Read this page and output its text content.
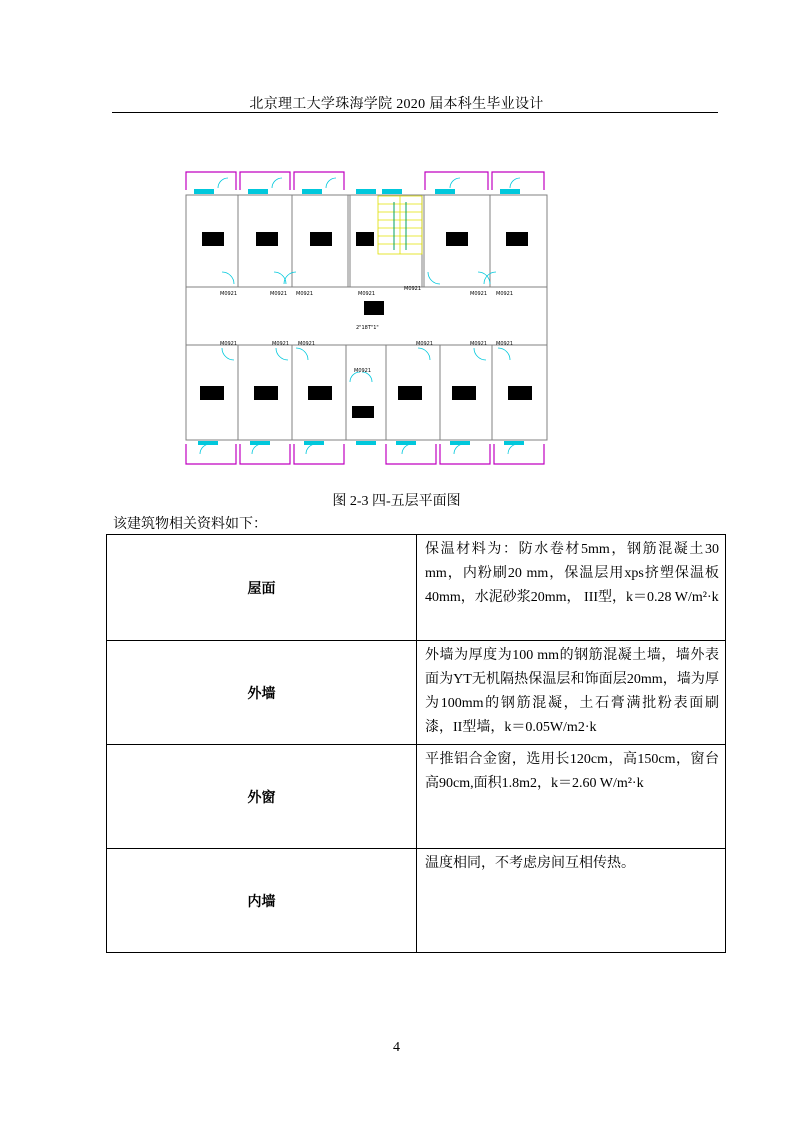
北京理工大学珠海学院 2020 届本科生毕业设计
M0921	M0921 M0921	M0921	M0921 M0921
M0921	M0921 M0921	M0921	M0921 M0921
M0921
M0921
2"18T"1"
图 2-3 四-五层平面图
该建筑物相关资料如下：
屋面	保温材料为：防水卷材5mm，钢筋混凝土30 mm，内粉刷20 mm，保温层用xps挤塑保温板40mm，水泥砂浆20mm， III型，k＝0.28 W/m²·k
外墙	外墙为厚度为100 mm的钢筋混凝土墙，墙外表面为YT无机隔热保温层和饰面层20mm，墙为厚为100mm的钢筋混凝，土石膏满批粉表面刷漆，II型墙，k＝0.05W/m2·k
外窗	平推铝合金窗，选用长120cm，高150cm，窗台高90cm,面积1.8m2，k＝2.60 W/m²·k
内墙	温度相同，不考虑房间互相传热。
4
